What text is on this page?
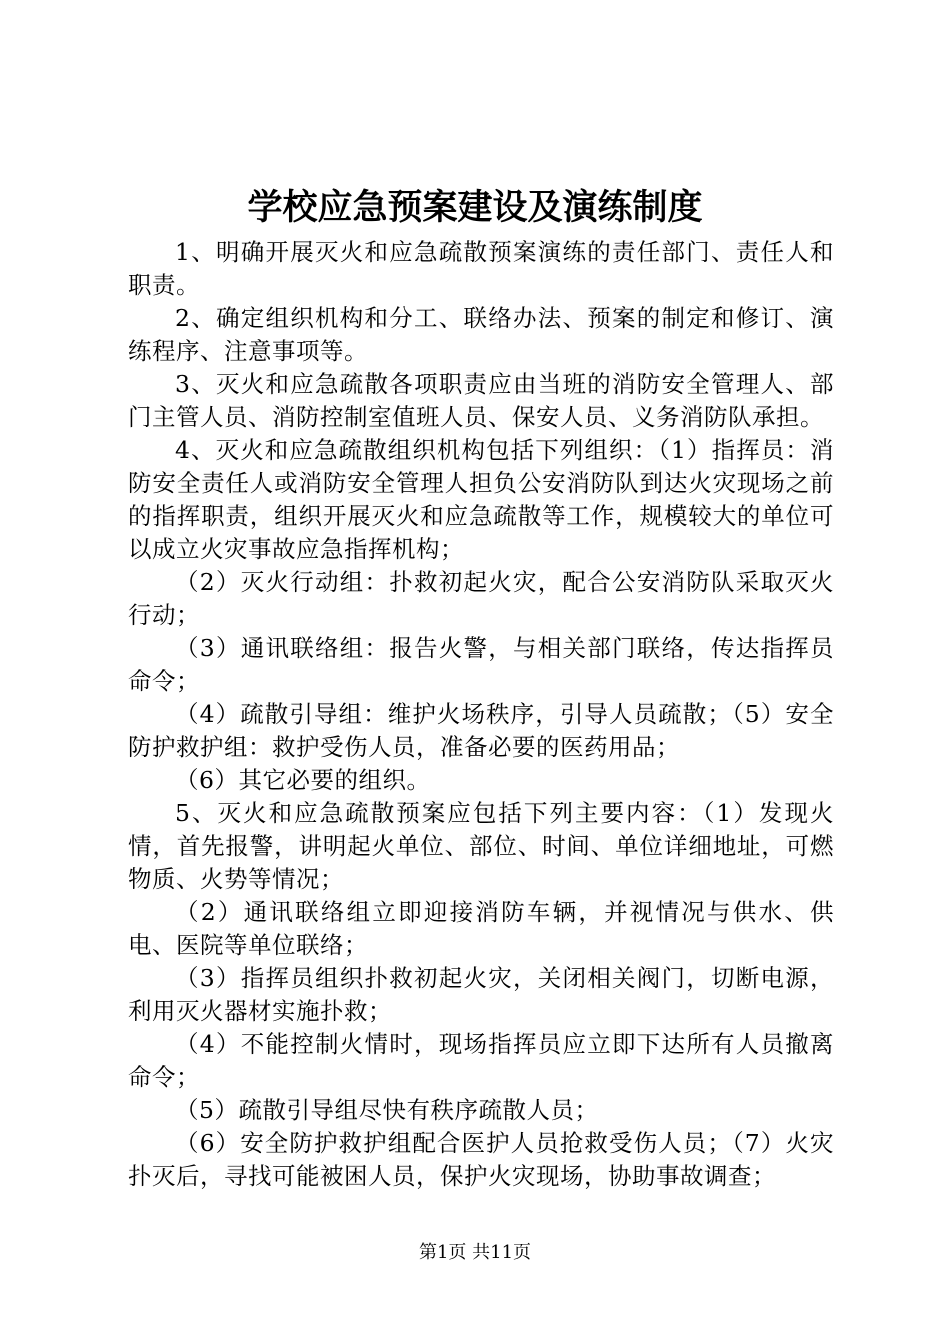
学校应急预案建设及演练制度

1、明确开展灭火和应急疏散预案演练的责任部门、责任人和职责。

2、确定组织机构和分工、联络办法、预案的制定和修订、演练程序、注意事项等。

3、灭火和应急疏散各项职责应由当班的消防安全管理人、部门主管人员、消防控制室值班人员、保安人员、义务消防队承担。

4、灭火和应急疏散组织机构包括下列组织：（1）指挥员：消防安全责任人或消防安全管理人担负公安消防队到达火灾现场之前的指挥职责，组织开展灭火和应急疏散等工作，规模较大的单位可以成立火灾事故应急指挥机构；

（2）灭火行动组：扑救初起火灾，配合公安消防队采取灭火行动；

（3）通讯联络组：报告火警，与相关部门联络，传达指挥员命令；

（4）疏散引导组：维护火场秩序，引导人员疏散；（5）安全防护救护组：救护受伤人员，准备必要的医药用品；

（6）其它必要的组织。

5、灭火和应急疏散预案应包括下列主要内容：（1）发现火情，首先报警，讲明起火单位、部位、时间、单位详细地址，可燃物质、火势等情况；

（2）通讯联络组立即迎接消防车辆，并视情况与供水、供电、医院等单位联络；

（3）指挥员组织扑救初起火灾，关闭相关阀门，切断电源，利用灭火器材实施扑救；

（4）不能控制火情时，现场指挥员应立即下达所有人员撤离命令；

（5）疏散引导组尽快有秩序疏散人员；

（6）安全防护救护组配合医护人员抢救受伤人员；（7）火灾扑灭后，寻找可能被困人员，保护火灾现场，协助事故调查；

第1页 共11页
